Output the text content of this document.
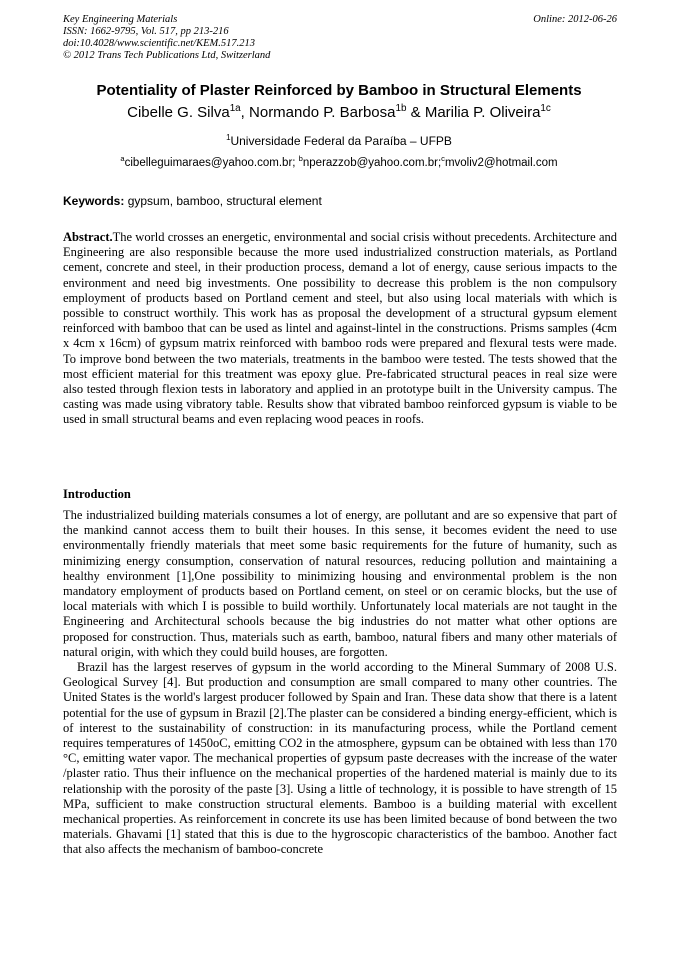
Key Engineering Materials
ISSN: 1662-9795, Vol. 517, pp 213-216
doi:10.4028/www.scientific.net/KEM.517.213
© 2012 Trans Tech Publications Ltd, Switzerland
Online: 2012-06-26
Potentiality of Plaster Reinforced by Bamboo in Structural Elements
Cibelle G. Silva$^{1a}$, Normando P. Barbosa$^{1b}$ & Marilia P. Oliveira$^{1c}$
$^1$Universidade Federal da Paraíba – UFPB
$^a$cibelleguimaraes@yahoo.com.br; $^b$nperazzob@yahoo.com.br;$^c$mvoliv2@hotmail.com
Keywords: gypsum, bamboo, structural element
Abstract.The world crosses an energetic, environmental and social crisis without precedents. Architecture and Engineering are also responsible because the more used industrialized construction materials, as Portland cement, concrete and steel, in their production process, demand a lot of energy, cause serious impacts to the environment and need big investments. One possibility to decrease this problem is the non compulsory employment of products based on Portland cement and steel, but also using local materials with which is possible to construct worthily. This work has as proposal the development of a structural gypsum element reinforced with bamboo that can be used as lintel and against-lintel in the constructions. Prisms samples (4cm x 4cm x 16cm) of gypsum matrix reinforced with bamboo rods were prepared and flexural tests were made. To improve bond between the two materials, treatments in the bamboo were tested. The tests showed that the most efficient material for this treatment was epoxy glue. Pre-fabricated structural peaces in real size were also tested through flexion tests in laboratory and applied in an prototype built in the University campus. The casting was made using vibratory table. Results show that vibrated bamboo reinforced gypsum is viable to be used in small structural beams and even replacing wood peaces in roofs.
Introduction

The industrialized building materials consumes a lot of energy, are pollutant and are so expensive that part of the mankind cannot access them to built their houses. In this sense, it becomes evident the need to use environmentally friendly materials that meet some basic requirements for the future of humanity, such as minimizing energy consumption, conservation of natural resources, reducing pollution and maintaining a healthy environment [1],One possibility to minimizing housing and environmental problem is the non mandatory employment of products based on Portland cement, on steel or on ceramic blocks, but the use of local materials with which I is possible to build worthily. Unfortunately local materials are not taught in the Engineering and Architectural schools because the big industries do not matter what other options are proposed for construction. Thus, materials such as earth, bamboo, natural fibers and many other materials of natural origin, with which they could build houses, are forgotten.

Brazil has the largest reserves of gypsum in the world according to the Mineral Summary of 2008 U.S. Geological Survey [4]. But production and consumption are small compared to many other countries. The United States is the world's largest producer followed by Spain and Iran. These data show that there is a latent potential for the use of gypsum in Brazil [2].The plaster can be considered a binding energy-efficient, which is of interest to the sustainability of construction: in its manufacturing process, while the Portland cement requires temperatures of 1450oC, emitting CO2 in the atmosphere, gypsum can be obtained with less than 170 °C, emitting water vapor. The mechanical properties of gypsum paste decreases with the increase of the water /plaster ratio. Thus their influence on the mechanical properties of the hardened material is mainly due to its relationship with the porosity of the paste [3]. Using a little of technology, it is possible to have strength of 15 MPa, sufficient to make construction structural elements. Bamboo is a building material with excellent mechanical properties. As reinforcement in concrete its use has been limited because of bond between the two materials. Ghavami [1] stated that this is due to the hygroscopic characteristics of the bamboo. Another fact that also affects the mechanism of bamboo-concrete
